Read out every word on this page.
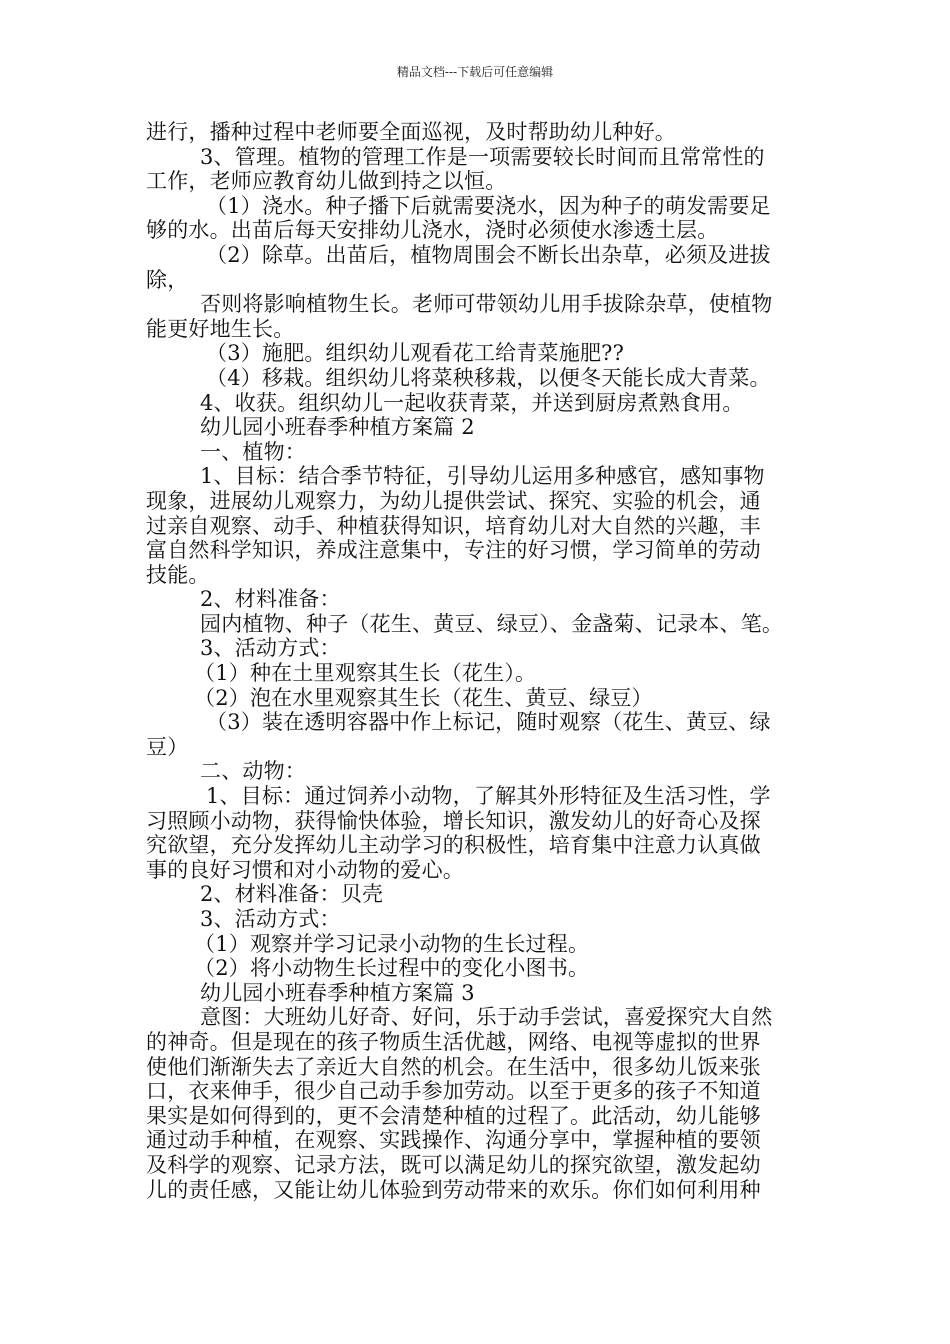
精品文档---下载后可任意编辑
进行，播种过程中老师要全面巡视，及时帮助幼儿种好。
3、管理。植物的管理工作是一项需要较长时间而且常常性的
工作，老师应教育幼儿做到持之以恒。
（1）浇水。种子播下后就需要浇水，因为种子的萌发需要足
够的水。出苗后每天安排幼儿浇水，浇时必须使水渗透土层。
（2）除草。出苗后，植物周围会不断长出杂草，必须及进拔
除，
否则将影响植物生长。老师可带领幼儿用手拔除杂草，使植物
能更好地生长。
（3）施肥。组织幼儿观看花工给青菜施肥??
（4）移栽。组织幼儿将菜秧移栽，以便冬天能长成大青菜。
4、收获。组织幼儿一起收获青菜，并送到厨房煮熟食用。
幼儿园小班春季种植方案篇 2
一、植物：
1、目标：结合季节特征，引导幼儿运用多种感官，感知事物
现象，进展幼儿观察力，为幼儿提供尝试、探究、实验的机会，通
过亲自观察、动手、种植获得知识，培育幼儿对大自然的兴趣，丰
富自然科学知识，养成注意集中，专注的好习惯，学习简单的劳动
技能。
2、材料准备：
园内植物、种子（花生、黄豆、绿豆）、金盏菊、记录本、笔。
3、活动方式：
（1）种在土里观察其生长（花生）。
（2）泡在水里观察其生长（花生、黄豆、绿豆）
（3）装在透明容器中作上标记，随时观察（花生、黄豆、绿
豆）
二、动物：
1、目标：通过饲养小动物，了解其外形特征及生活习性，学
习照顾小动物，获得愉快体验，增长知识，激发幼儿的好奇心及探
究欲望，充分发挥幼儿主动学习的积极性，培育集中注意力认真做
事的良好习惯和对小动物的爱心。
2、材料准备：贝壳
3、活动方式：
（1）观察并学习记录小动物的生长过程。
（2）将小动物生长过程中的变化小图书。
幼儿园小班春季种植方案篇 3
意图：大班幼儿好奇、好问，乐于动手尝试，喜爱探究大自然
的神奇。但是现在的孩子物质生活优越，网络、电视等虚拟的世界
使他们渐渐失去了亲近大自然的机会。在生活中，很多幼儿饭来张
口，衣来伸手，很少自己动手参加劳动。以至于更多的孩子不知道
果实是如何得到的，更不会清楚种植的过程了。此活动，幼儿能够
通过动手种植，在观察、实践操作、沟通分享中，掌握种植的要领
及科学的观察、记录方法，既可以满足幼儿的探究欲望，激发起幼
儿的责任感，又能让幼儿体验到劳动带来的欢乐。你们如何利用种
